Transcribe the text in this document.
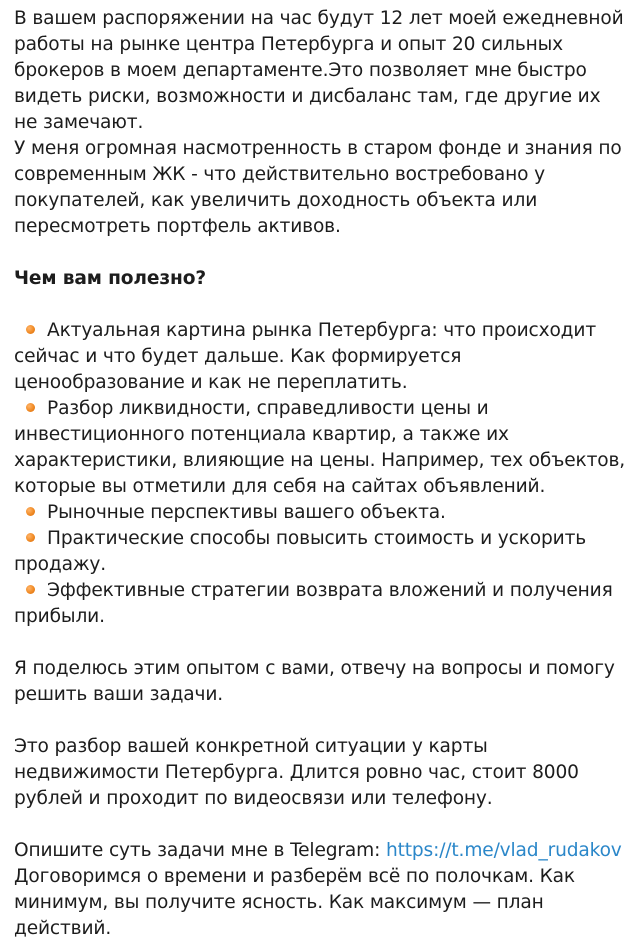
В вашем распоряжении на час будут 12 лет моей ежедневной работы на рынке центра Петербурга и опыт 20 сильных брокеров в моем департаменте.Это позволяет мне быстро видеть риски, возможности и дисбаланс там, где другие их не замечают.

У меня огромная насмотренность в старом фонде и знания по современным ЖК - что действительно востребовано у покупателей, как увеличить доходность объекта или пересмотреть портфель активов.

Чем вам полезно?

Актуальная картина рынка Петербурга: что происходит сейчас и что будет дальше. Как формируется ценообразование и как не переплатить.
Разбор ликвидности, справедливости цены и инвестиционного потенциала квартир, а также их характеристики, влияющие на цены. Например, тех объектов, которые вы отметили для себя на сайтах объявлений.
Рыночные перспективы вашего объекта.
Практические способы повысить стоимость и ускорить продажу.
Эффективные стратегии возврата вложений и получения прибыли.

Я поделюсь этим опытом с вами, отвечу на вопросы и помогу решить ваши задачи.

Это разбор вашей конкретной ситуации у карты недвижимости Петербурга. Длится ровно час, стоит 8000 рублей и проходит по видеосвязи или телефону.

Опишите суть задачи мне в Telegram: https://t.me/vlad_rudakov

Договоримся о времени и разберём всё по полочкам. Как минимум, вы получите ясность. Как максимум — план действий.
